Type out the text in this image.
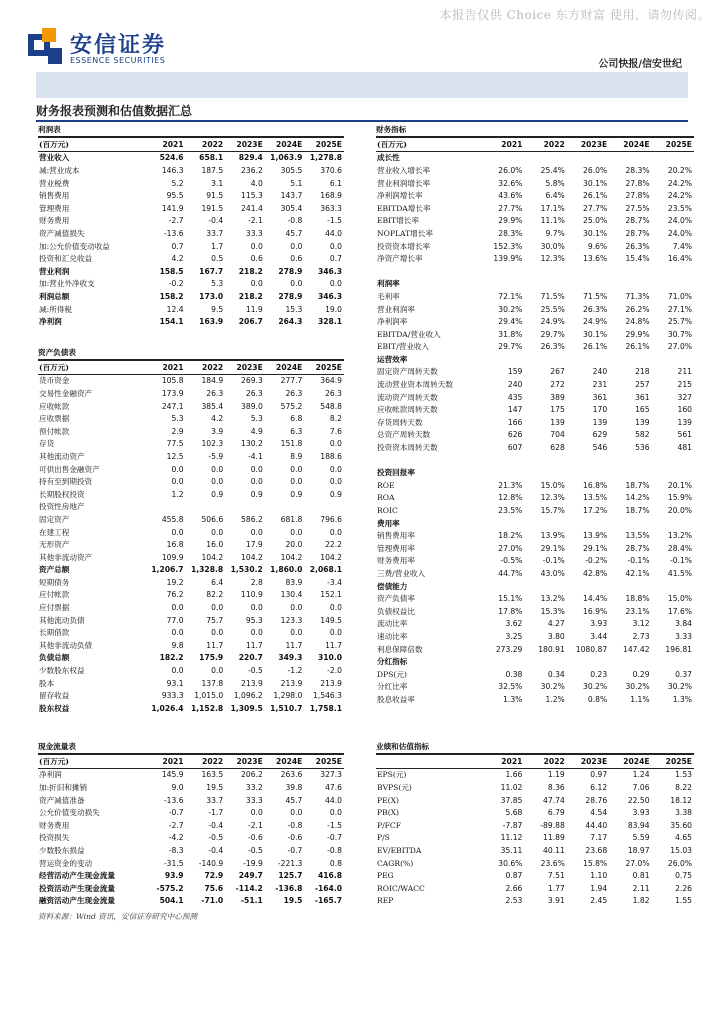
本报告仅供 Choice 东方财富 使用，请勿传阅。
安信证券
ESSENCE SECURITIES	公司快报/信安世纪
财务报表预测和估值数据汇总
利润表
(百万元)	2021	2022	2023E	2024E	2025E
营业收入	524.6	658.1	829.4	1,063.9	1,278.8
减:营业成本	146.3	187.5	236.2	305.5	370.6
营业税费	5.2	3.1	4.0	5.1	6.1
销售费用	95.5	91.5	115.3	143.7	168.9
管理费用	141.9	191.5	241.4	305.4	363.3
财务费用	-2.7	-0.4	-2.1	-0.8	-1.5
资产减值损失	-13.6	33.7	33.3	45.7	44.0
加:公允价值变动收益	0.7	1.7	0.0	0.0	0.0
投资和汇兑收益	4.2	0.5	0.6	0.6	0.7
营业利润	158.5	167.7	218.2	278.9	346.3
加:营业外净收支	-0.2	5.3	0.0	0.0	0.0
利润总额	158.2	173.0	218.2	278.9	346.3
减:所得税	12.4	9.5	11.9	15.3	19.0
净利润	154.1	163.9	206.7	264.3	328.1
资产负债表
(百万元)	2021	2022	2023E	2024E	2025E
货币资金	105.8	184.9	269.3	277.7	364.9
交易性金融资产	173.9	26.3	26.3	26.3	26.3
应收帐款	247.1	385.4	389.0	575.2	548.8
应收票据	5.3	4.2	5.3	6.8	8.2
预付帐款	2.9	3.9	4.9	6.3	7.6
存货	77.5	102.3	130.2	151.8	0.0
其他流动资产	12.5	-5.9	-4.1	8.9	188.6
可供出售金融资产	0.0	0.0	0.0	0.0	0.0
持有至到期投资	0.0	0.0	0.0	0.0	0.0
长期股权投资	1.2	0.9	0.9	0.9	0.9
投资性房地产					
固定资产	455.8	506.6	586.2	681.8	796.6
在建工程	0.0	0.0	0.0	0.0	0.0
无形资产	16.8	16.0	17.9	20.0	22.2
其他非流动资产	109.9	104.2	104.2	104.2	104.2
资产总额	1,206.7	1,328.8	1,530.2	1,860.0	2,068.1
短期债务	19.2	6.4	2.8	83.9	-3.4
应付帐款	76.2	82.2	110.9	130.4	152.1
应付票据	0.0	0.0	0.0	0.0	0.0
其他流动负债	77.0	75.7	95.3	123.3	149.5
长期借款	0.0	0.0	0.0	0.0	0.0
其他非流动负债	9.8	11.7	11.7	11.7	11.7
负债总额	182.2	175.9	220.7	349.3	310.0
少数股东权益	0.0	0.0	-0.5	-1.2	-2.0
股本	93.1	137.8	213.9	213.9	213.9
留存收益	933.3	1,015.0	1,096.2	1,298.0	1,546.3
股东权益	1,026.4	1,152.8	1,309.5	1,510.7	1,758.1
现金流量表
(百万元)	2021	2022	2023E	2024E	2025E
净利润	145.9	163.5	206.2	263.6	327.3
加:折旧和摊销	9.0	19.5	33.2	39.8	47.6
资产减值准备	-13.6	33.7	33.3	45.7	44.0
公允价值变动损失	-0.7	-1.7	0.0	0.0	0.0
财务费用	-2.7	-0.4	-2.1	-0.8	-1.5
投资损失	-4.2	-0.5	-0.6	-0.6	-0.7
少数股东损益	-8.3	-0.4	-0.5	-0.7	-0.8
营运资金的变动	-31.5	-140.9	-19.9	-221.3	0.8
经营活动产生现金流量	93.9	72.9	249.7	125.7	416.8
投资活动产生现金流量	-575.2	75.6	-114.2	-136.8	-164.0
融资活动产生现金流量	504.1	-71.0	-51.1	19.5	-165.7
财务指标
(百万元)	2021	2022	2023E	2024E	2025E
成长性					
营业收入增长率	26.0%	25.4%	26.0%	28.3%	20.2%
营业利润增长率	32.6%	5.8%	30.1%	27.8%	24.2%
净利润增长率	43.6%	6.4%	26.1%	27.8%	24.2%
EBITDA增长率	27.7%	17.1%	27.7%	27.5%	23.5%
EBIT增长率	29.9%	11.1%	25.0%	28.7%	24.0%
NOPLAT增长率	28.3%	9.7%	30.1%	28.7%	24.0%
投资资本增长率	152.3%	30.0%	9.6%	26.3%	7.4%
净资产增长率	139.9%	12.3%	13.6%	15.4%	16.4%

利润率					
毛利率	72.1%	71.5%	71.5%	71.3%	71.0%
营业利润率	30.2%	25.5%	26.3%	26.2%	27.1%
净利润率	29.4%	24.9%	24.9%	24.8%	25.7%
EBITDA/营业收入	31.8%	29.7%	30.1%	29.9%	30.7%
EBIT/营业收入	29.7%	26.3%	26.1%	26.1%	27.0%
运营效率					
固定资产周转天数	159	267	240	218	211
流动营业资本周转天数	240	272	231	257	215
流动资产周转天数	435	389	361	361	327
应收帐款周转天数	147	175	170	165	160
存货周转天数	166	139	139	139	139
总资产周转天数	626	704	629	582	561
投资资本周转天数	607	628	546	536	481

投资回报率					
ROE	21.3%	15.0%	16.8%	18.7%	20.1%
ROA	12.8%	12.3%	13.5%	14.2%	15.9%
ROIC	23.5%	15.7%	17.2%	18.7%	20.0%
费用率					
销售费用率	18.2%	13.9%	13.9%	13.5%	13.2%
管理费用率	27.0%	29.1%	29.1%	28.7%	28.4%
财务费用率	-0.5%	-0.1%	-0.2%	-0.1%	-0.1%
三费/营业收入	44.7%	43.0%	42.8%	42.1%	41.5%
偿债能力					
资产负债率	15.1%	13.2%	14.4%	18.8%	15.0%
负债权益比	17.8%	15.3%	16.9%	23.1%	17.6%
流动比率	3.62	4.27	3.93	3.12	3.84
速动比率	3.25	3.80	3.44	2.73	3.33
利息保障倍数	273.29	180.91	1080.87	147.42	196.81
分红指标					
DPS(元)	0.38	0.34	0.23	0.29	0.37
分红比率	32.5%	30.2%	30.2%	30.2%	30.2%
股息收益率	1.3%	1.2%	0.8%	1.1%	1.3%
业绩和估值指标
	2021	2022	2023E	2024E	2025E
EPS(元)	1.66	1.19	0.97	1.24	1.53
BVPS(元)	11.02	8.36	6.12	7.06	8.22
PE(X)	37.85	47.74	28.76	22.50	18.12
PB(X)	5.68	6.79	4.54	3.93	3.38
P/FCF	-7.87	-89.88	44.40	83.94	35.60
P/S	11.12	11.89	7.17	5.59	4.65
EV/EBITDA	35.11	40.11	23.68	18.97	15.03
CAGR(%)	30.6%	23.6%	15.8%	27.0%	26.0%
PEG	0.87	7.51	1.10	0.81	0.75
ROIC/WACC	2.66	1.77	1.94	2.11	2.26
REP	2.53	3.91	2.45	1.82	1.55
资料来源：Wind 资讯，安信证券研究中心预测
